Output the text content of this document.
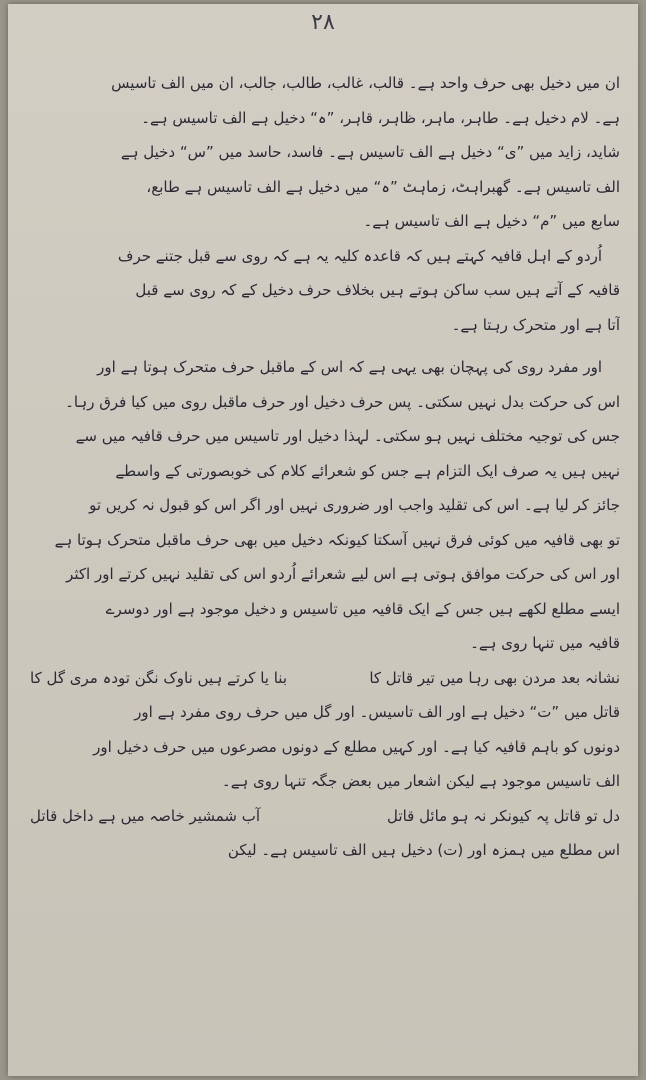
۲۸
ان میں دخیل بھی حرف واحد ہے۔ قالب، غالب، طالب، جالب، ان میں الف تاسیس
ہے۔ لام دخیل ہے۔ طاہر، ماہر، ظاہر، قاہر، ”ہ“ دخیل ہے الف تاسیس ہے۔
شاید، زاید میں ”ی“ دخیل ہے الف تاسیس ہے۔ فاسد، حاسد میں ”س“ دخیل ہے
الف تاسیس ہے۔ گھبراہٹ، زماہٹ ”ہ“ میں دخیل ہے الف تاسیس ہے طابع،
سابع میں ”م“ دخیل ہے الف تاسیس ہے۔
اُردو کے اہل قافیہ کہتے ہیں کہ قاعدہ کلیہ یہ ہے کہ روی سے قبل جتنے حرف
قافیہ کے آتے ہیں سب ساکن ہوتے ہیں بخلاف حرف دخیل کے کہ روی سے قبل
آتا ہے اور متحرک رہتا ہے۔
اور مفرد روی کی پہچان بھی یہی ہے کہ اس کے ماقبل حرف متحرک ہوتا ہے اور
اس کی حرکت بدل نہیں سکتی۔ پس حرف دخیل اور حرف ماقبل روی میں کیا فرق رہا۔
جس کی توجیہ مختلف نہیں ہو سکتی۔ لہذا دخیل اور تاسیس میں حرف قافیہ میں سے
نہیں ہیں یہ صرف ایک التزام ہے جس کو شعرائے کلام کی خوبصورتی کے واسطے
جائز کر لیا ہے۔ اس کی تقلید واجب اور ضروری نہیں اور اگر اس کو قبول نہ کریں تو
تو بھی قافیہ میں کوئی فرق نہیں آسکتا کیونکہ دخیل میں بھی حرف ماقبل متحرک ہوتا ہے
اور اس کی حرکت موافق ہوتی ہے اس لیے شعرائے اُردو اس کی تقلید نہیں کرتے اور اکثر
ایسے مطلع لکھے ہیں جس کے ایک قافیہ میں تاسیس و دخیل موجود ہے اور دوسرے
قافیہ میں تنہا روی ہے۔
نشانہ بعد مردن بھی رہا میں تیر قاتل کا
بنا یا کرتے ہیں ناوک نگن تودہ مری گل کا
قاتل میں ”ت“ دخیل ہے اور الف تاسیس۔ اور گل میں حرف روی مفرد ہے اور
دونوں کو باہم قافیہ کیا ہے۔ اور کہیں مطلع کے دونوں مصرعوں میں حرف دخیل اور
الف تاسیس موجود ہے لیکن اشعار میں بعض جگہ تنہا روی ہے۔
دل تو قاتل پہ کیونکر نہ ہو مائل قاتل
آب شمشیر خاصہ میں ہے داخل قاتل
اس مطلع میں ہمزہ اور (ت) دخیل ہیں الف تاسیس ہے۔ لیکن
